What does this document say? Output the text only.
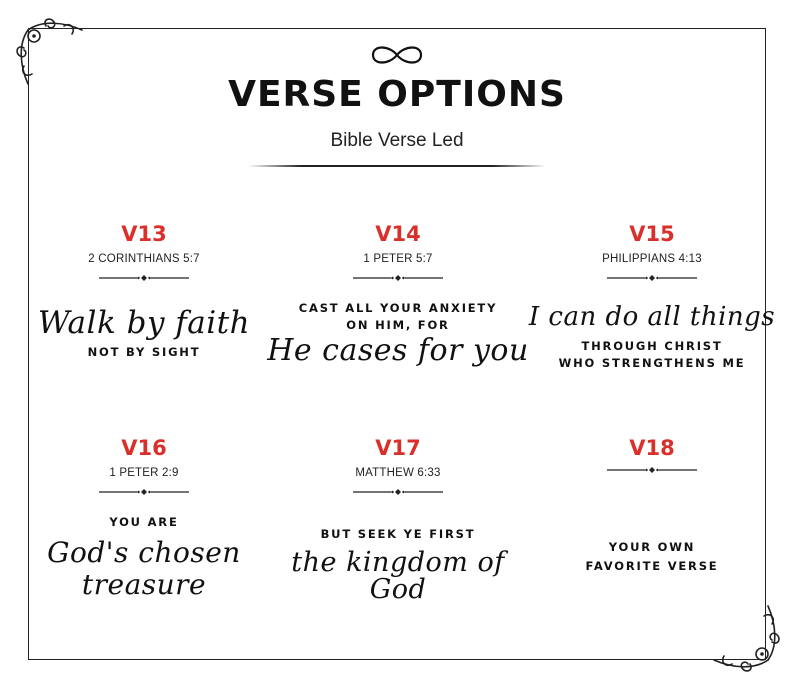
VERSE OPTIONS
Bible Verse Led
V13
2 CORINTHIANS 5:7
Walk by faith
NOT BY SIGHT
V14
1 PETER 5:7
CAST ALL YOUR ANXIETY
ON HIM, FOR
He cases for you
V15
PHILIPPIANS 4:13
I can do all things
THROUGH CHRIST
WHO STRENGTHENS ME
V16
1 PETER 2:9
YOU ARE
God's chosen
treasure
V17
MATTHEW 6:33
BUT SEEK YE FIRST
the kingdom of God
V18
YOUR OWN
FAVORITE VERSE
